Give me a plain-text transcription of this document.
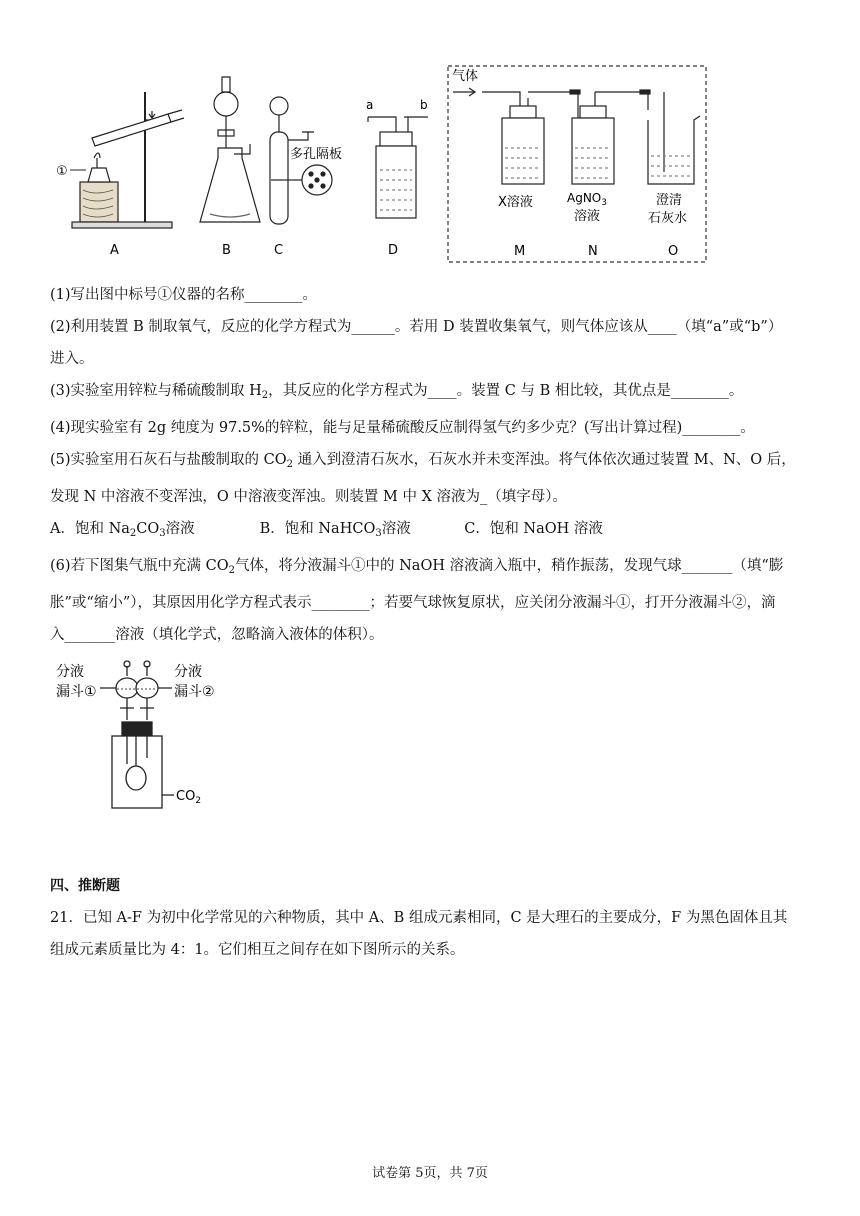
①
A	B
多孔隔板
C
a	b
D
气体
X溶液	AgNO$_3$
溶液
澄清
石灰水
M	N	O
(1)写出图中标号①仪器的名称________。
(2)利用装置 B 制取氧气，反应的化学方程式为______。若用 D 装置收集氧气，则气体应该从____（填“a”或“b”）
进入。
(3)实验室用锌粒与稀硫酸制取 $H_2$，其反应的化学方程式为____。装置 C 与 B 相比较，其优点是________。
(4)现实验室有 2g 纯度为 97.5%的锌粒，能与足量稀硫酸反应制得氢气约多少克？(写出计算过程)________。
(5)实验室用石灰石与盐酸制取的 $CO_2$ 通入到澄清石灰水，石灰水并未变浑浊。将气体依次通过装置 M、N、O 后，
发现 N 中溶液不变浑浊，O 中溶液变浑浊。则装置 M 中 X 溶液为_（填字母）。
A．饱和 $Na_2CO_3$溶液	B．饱和 NaHCO$_3$溶液	C．饱和 NaOH 溶液
(6)若下图集气瓶中充满 $CO_2$气体，将分液漏斗①中的 NaOH 溶液滴入瓶中，稍作振荡，发现气球_______（填“膨
胀”或“缩小”），其原因用化学方程式表示________；若要气球恢复原状，应关闭分液漏斗①，打开分液漏斗②，滴
入_______溶液（填化学式，忽略滴入液体的体积）。
分液
漏斗①
分液
漏斗②
$CO_2$
四、推断题
21．已知 A-F 为初中化学常见的六种物质，其中 A、B 组成元素相同，C 是大理石的主要成分，F 为黑色固体且其
组成元素质量比为 4：1。它们相互之间存在如下图所示的关系。
试卷第 5页，共 7页
